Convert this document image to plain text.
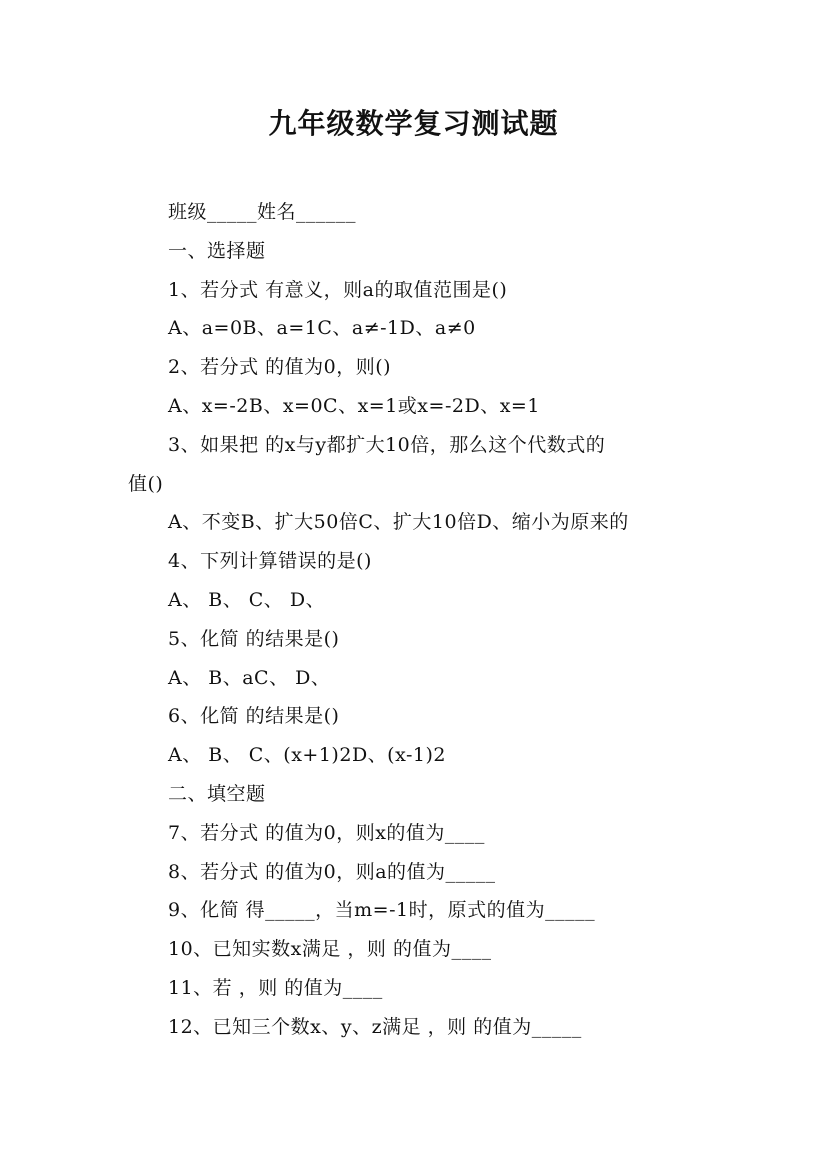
九年级数学复习测试题
班级_____姓名______
一、选择题
1、若分式 有意义，则a的取值范围是()
A、a=0B、a=1C、a≠-1D、a≠0
2、若分式 的值为0，则()
A、x=-2B、x=0C、x=1或x=-2D、x=1
3、如果把 的x与y都扩大10倍，那么这个代数式的
值()
A、不变B、扩大50倍C、扩大10倍D、缩小为原来的
4、下列计算错误的是()
A、 B、 C、 D、
5、化简 的结果是()
A、 B、aC、 D、
6、化简 的结果是()
A、 B、 C、(x+1)2D、(x-1)2
二、填空题
7、若分式 的值为0，则x的值为____
8、若分式 的值为0，则a的值为_____
9、化简 得_____，当m=-1时，原式的值为_____
10、已知实数x满足 ，则 的值为____
11、若 ，则 的值为____
12、已知三个数x、y、z满足 ，则 的值为_____
